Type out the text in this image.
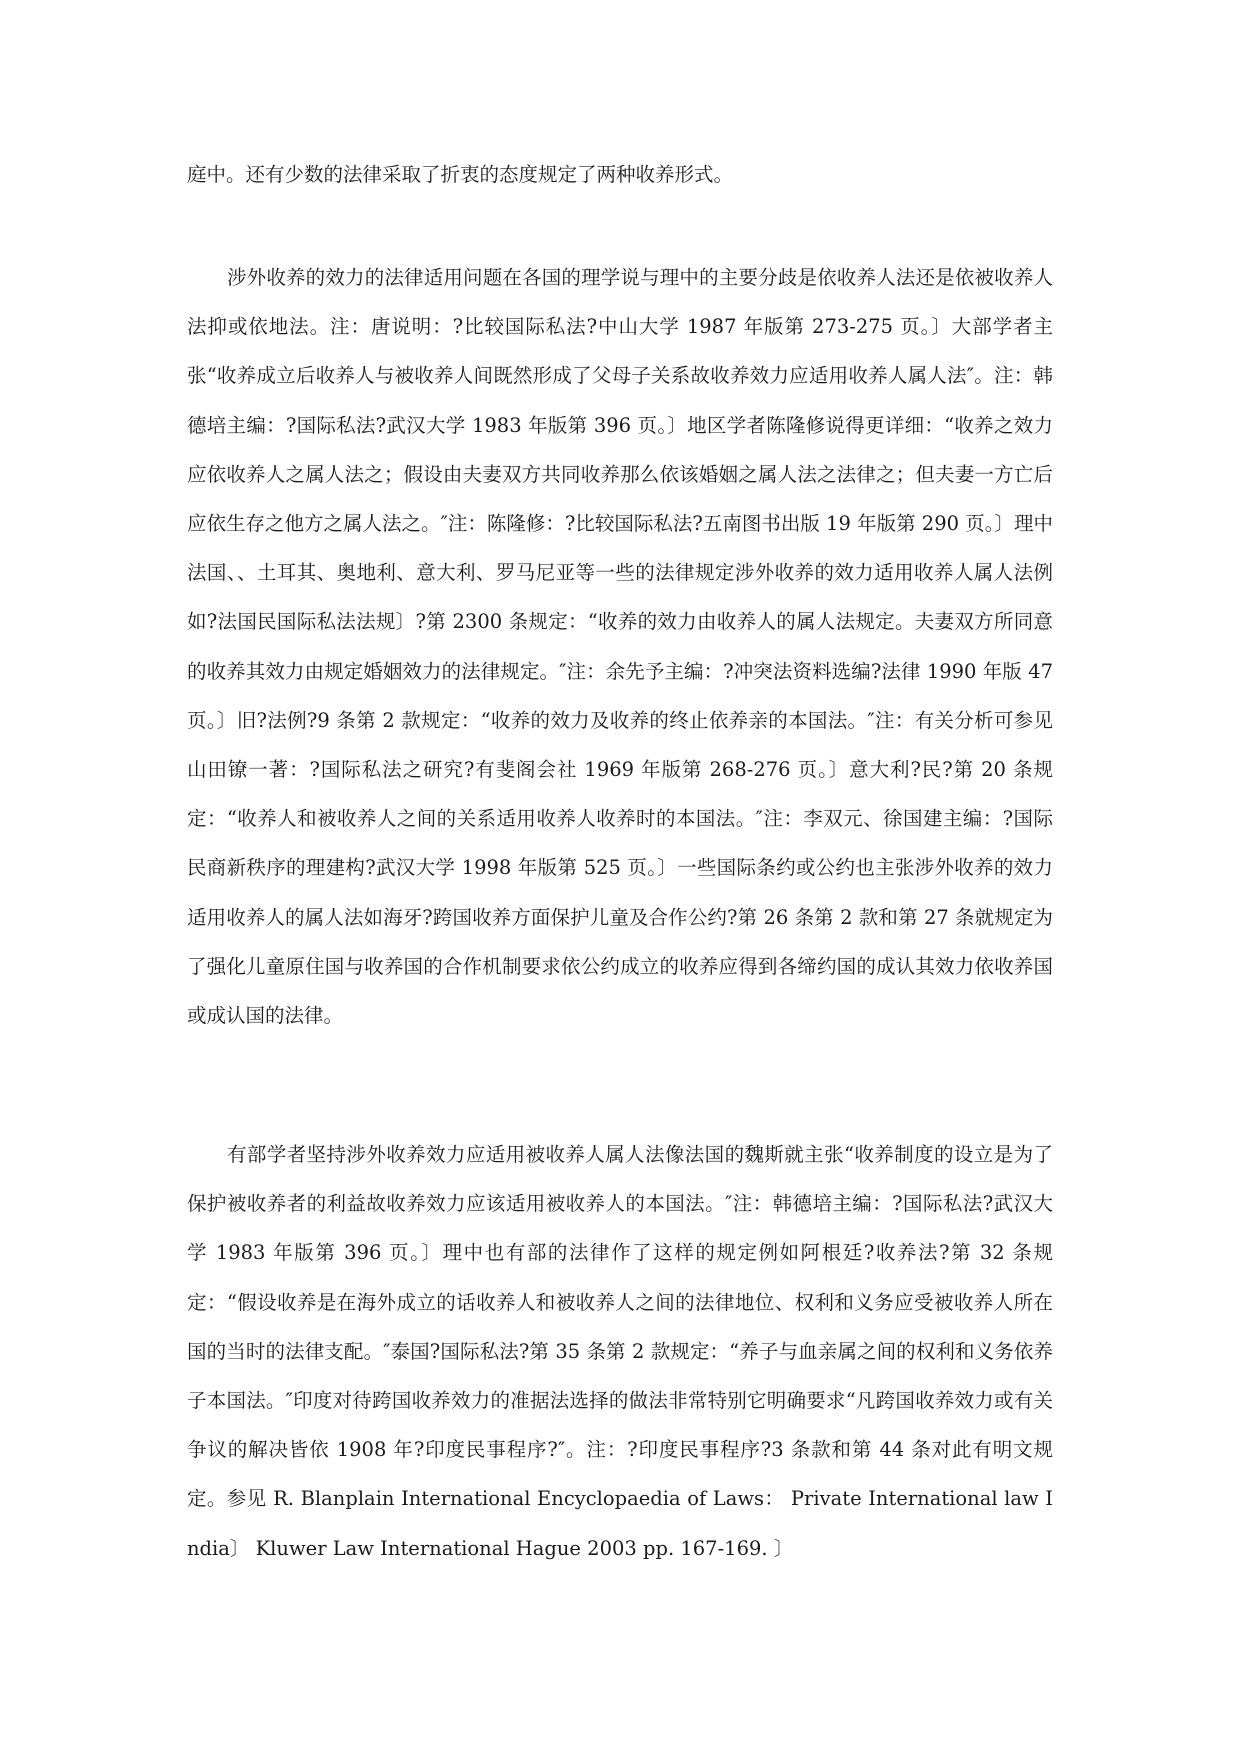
庭中。还有少数的法律采取了折衷的态度规定了两种收养形式。

涉外收养的效力的法律适用问题在各国的理学说与理中的主要分歧是依收养人法还是依被收养人法抑或依地法。注：唐说明：?比较国际私法?中山大学 1987 年版第 273-275 页。〕大部学者主张“收养成立后收养人与被收养人间既然形成了父母子关系故收养效力应适用收养人属人法″。注：韩德培主编：?国际私法?武汉大学 1983 年版第 396 页。〕地区学者陈隆修说得更详细：“收养之效力应依收养人之属人法之；假设由夫妻双方共同收养那么依该婚姻之属人法之法律之；但夫妻一方亡后应依生存之他方之属人法之。″注：陈隆修：?比较国际私法?五南图书出版 19 年版第 290 页。〕理中法国、、土耳其、奥地利、意大利、罗马尼亚等一些的法律规定涉外收养的效力适用收养人属人法例如?法国民国际私法法规〕?第 2300 条规定：“收养的效力由收养人的属人法规定。夫妻双方所同意的收养其效力由规定婚姻效力的法律规定。″注：余先予主编：?冲突法资料选编?法律 1990 年版 47 页。〕旧?法例?9 条第 2 款规定：“收养的效力及收养的终止依养亲的本国法。″注：有关分析可参见山田镣一著：?国际私法之研究?有斐阁会社 1969 年版第 268-276 页。〕意大利?民?第 20 条规定：“收养人和被收养人之间的关系适用收养人收养时的本国法。″注：李双元、徐国建主编：?国际民商新秩序的理建构?武汉大学 1998 年版第 525 页。〕一些国际条约或公约也主张涉外收养的效力适用收养人的属人法如海牙?跨国收养方面保护儿童及合作公约?第 26 条第 2 款和第 27 条就规定为了强化儿童原住国与收养国的合作机制要求依公约成立的收养应得到各缔约国的成认其效力依收养国或成认国的法律。

有部学者坚持涉外收养效力应适用被收养人属人法像法国的魏斯就主张“收养制度的设立是为了保护被收养者的利益故收养效力应该适用被收养人的本国法。″注：韩德培主编：?国际私法?武汉大学 1983 年版第 396 页。〕理中也有部的法律作了这样的规定例如阿根廷?收养法?第 32 条规定：“假设收养是在海外成立的话收养人和被收养人之间的法律地位、权利和义务应受被收养人所在国的当时的法律支配。″泰国?国际私法?第 35 条第 2 款规定：“养子与血亲属之间的权利和义务依养子本国法。″印度对待跨国收养效力的准据法选择的做法非常特别它明确要求“凡跨国收养效力或有关争议的解决皆依 1908 年?印度民事程序?″。注：?印度民事程序?3 条款和第 44 条对此有明文规定。参见 R. Blanplain International Encyclopaedia of Laws： Private International law India〕 Kluwer Law International Hague 2003 pp. 167-169. 〕
